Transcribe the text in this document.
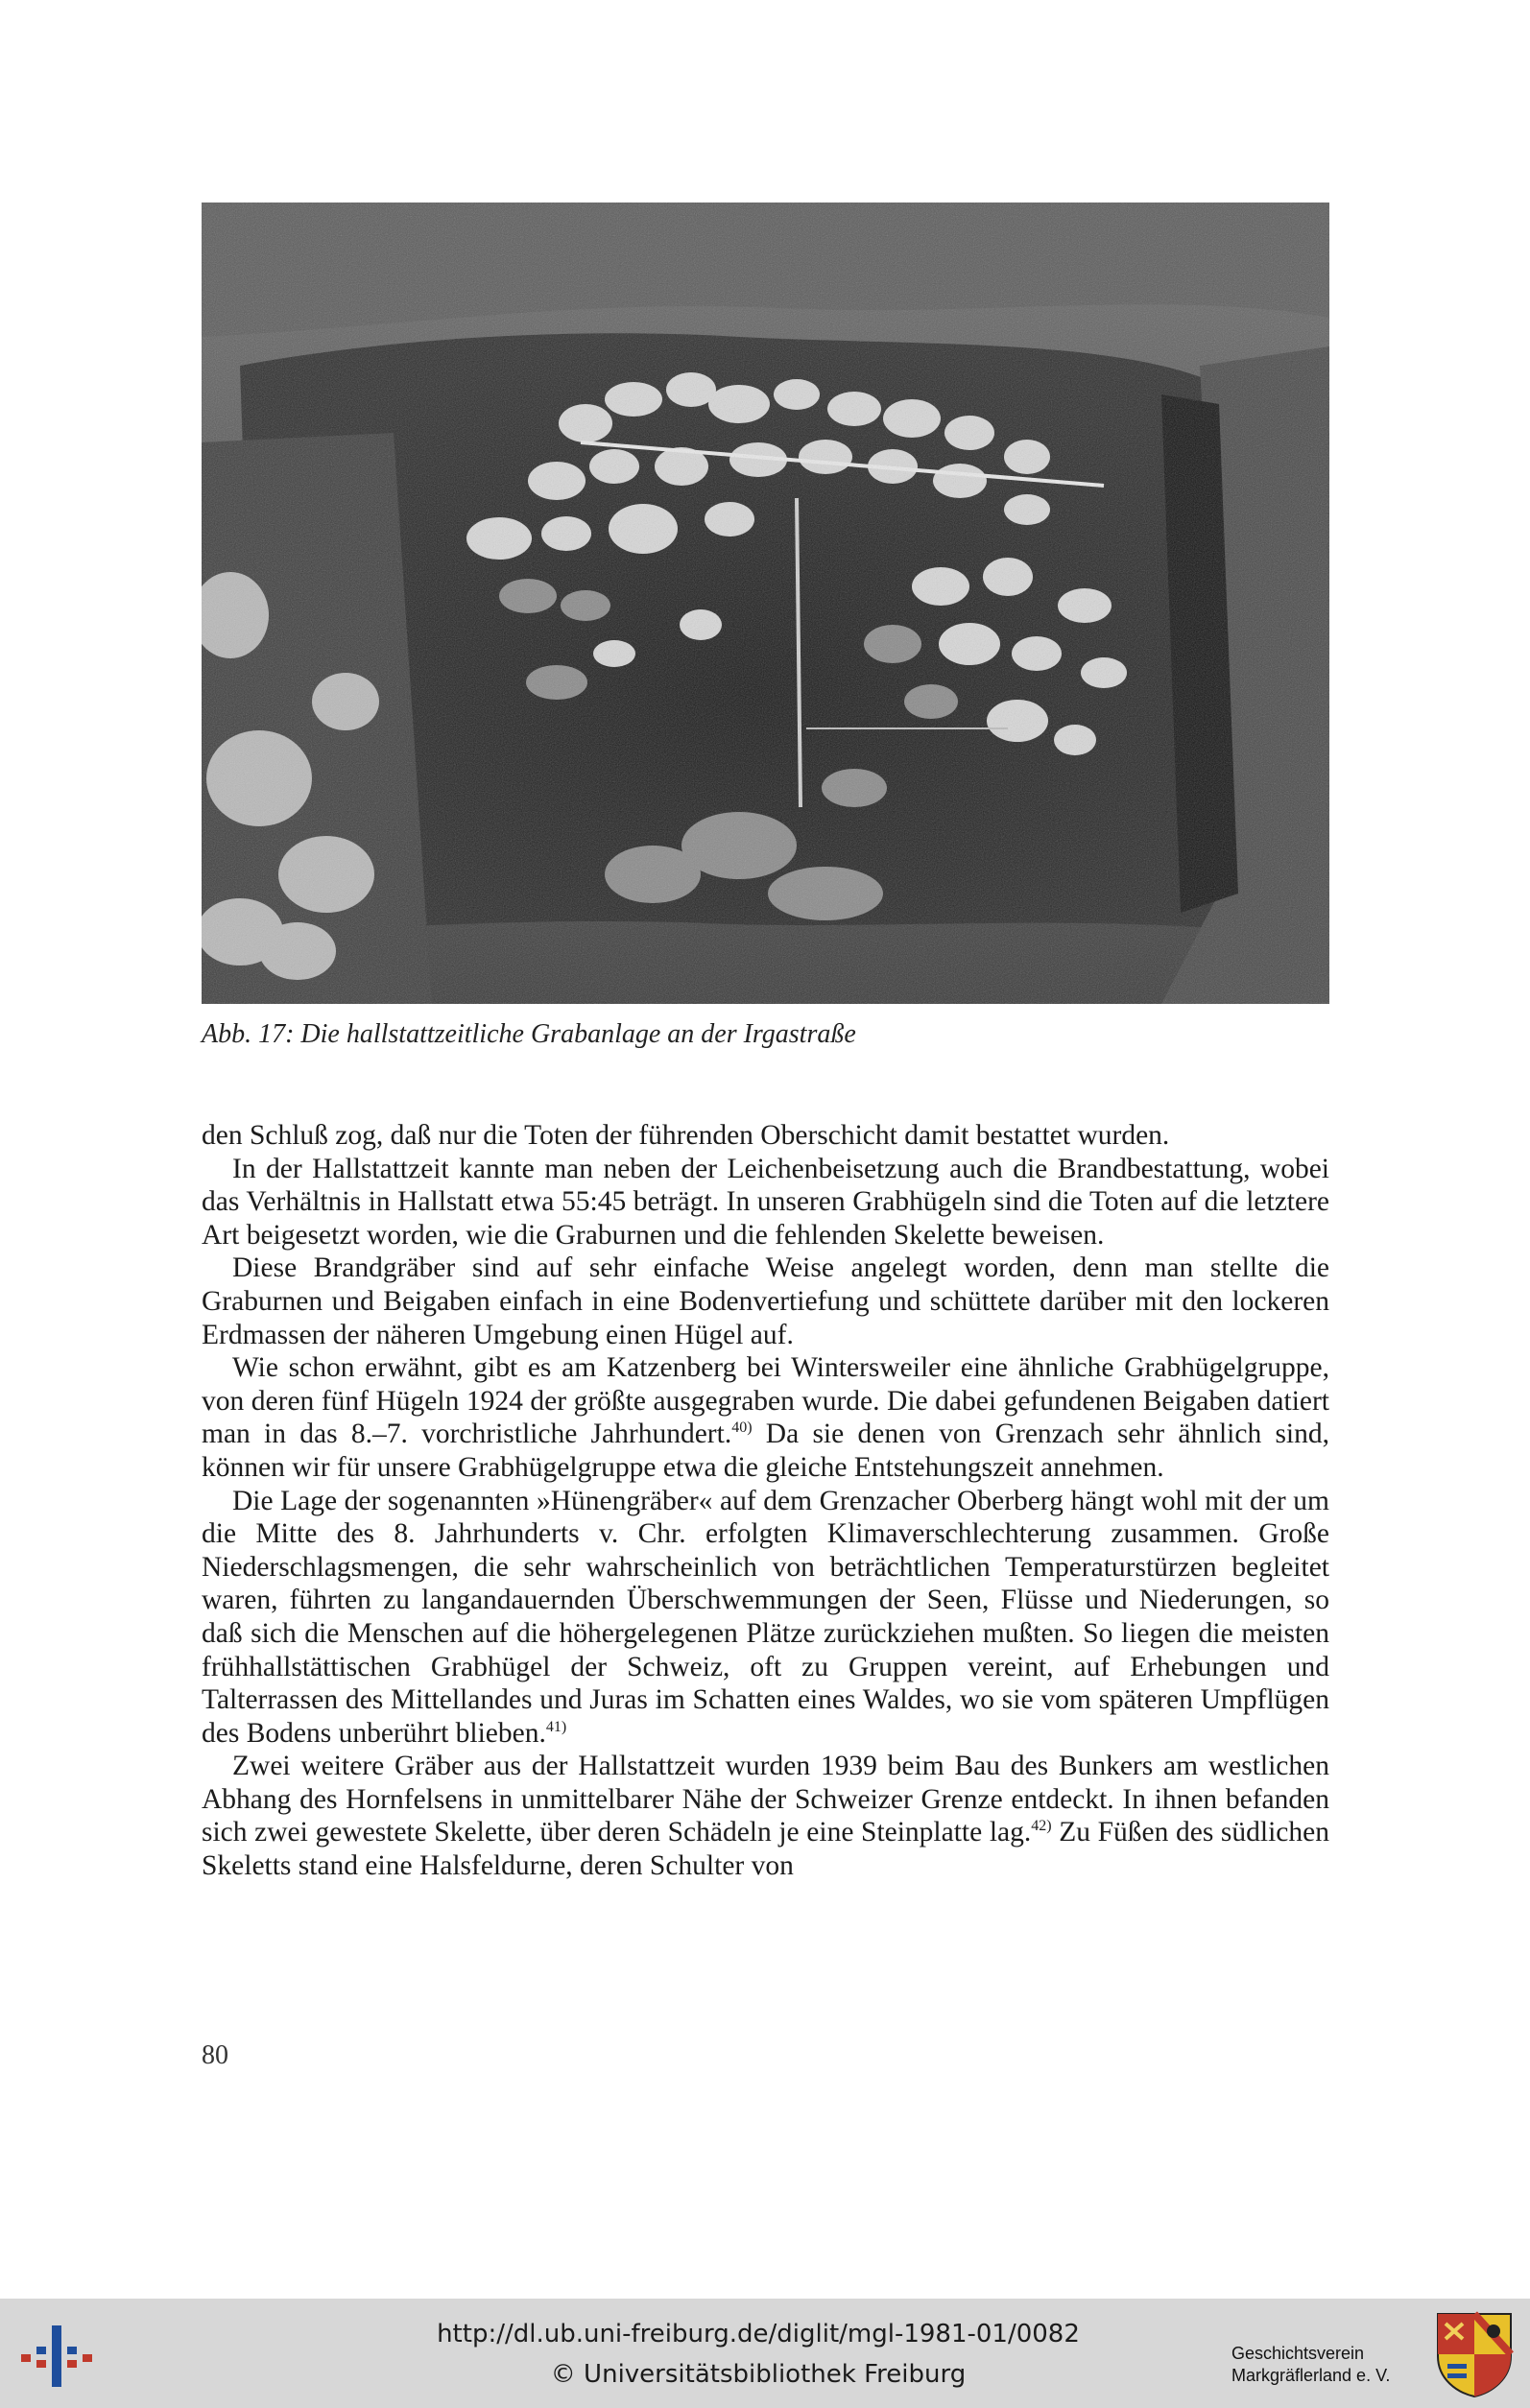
Abb. 17: Die hallstattzeitliche Grabanlage an der Irgastraße

den Schluß zog, daß nur die Toten der führenden Oberschicht damit bestattet wurden.

In der Hallstattzeit kannte man neben der Leichenbeisetzung auch die Brandbestattung, wobei das Verhältnis in Hallstatt etwa 55:45 beträgt. In unseren Grabhügeln sind die Toten auf die letztere Art beigesetzt worden, wie die Graburnen und die fehlenden Skelette beweisen.

Diese Brandgräber sind auf sehr einfache Weise angelegt worden, denn man stellte die Graburnen und Beigaben einfach in eine Bodenvertiefung und schüttete darüber mit den lockeren Erdmassen der näheren Umgebung einen Hügel auf.

Wie schon erwähnt, gibt es am Katzenberg bei Wintersweiler eine ähnliche Grabhügelgruppe, von deren fünf Hügeln 1924 der größte ausgegraben wurde. Die dabei gefundenen Beigaben datiert man in das 8.–7. vorchristliche Jahrhundert.$^{40)}$ Da sie denen von Grenzach sehr ähnlich sind, können wir für unsere Grabhügelgruppe etwa die gleiche Entstehungszeit annehmen.

Die Lage der sogenannten »Hünengräber« auf dem Grenzacher Oberberg hängt wohl mit der um die Mitte des 8. Jahrhunderts v. Chr. erfolgten Klimaverschlechterung zusammen. Große Niederschlagsmengen, die sehr wahrscheinlich von beträchtlichen Temperaturstürzen begleitet waren, führten zu langandauernden Überschwemmungen der Seen, Flüsse und Niederungen, so daß sich die Menschen auf die höhergelegenen Plätze zurückziehen mußten. So liegen die meisten frühhallstättischen Grabhügel der Schweiz, oft zu Gruppen vereint, auf Erhebungen und Talterrassen des Mittellandes und Juras im Schatten eines Waldes, wo sie vom späteren Umpflügen des Bodens unberührt blieben.$^{41)}$

Zwei weitere Gräber aus der Hallstattzeit wurden 1939 beim Bau des Bunkers am westlichen Abhang des Hornfelsens in unmittelbarer Nähe der Schweizer Grenze entdeckt. In ihnen befanden sich zwei gewestete Skelette, über deren Schädeln je eine Steinplatte lag.$^{42)}$ Zu Füßen des südlichen Skeletts stand eine Halsfeldurne, deren Schulter von

80
http://dl.ub.uni-freiburg.de/diglit/mgl-1981-01/0082
© Universitätsbibliothek Freiburg
Geschichtsverein
Markgräflerland e. V.
